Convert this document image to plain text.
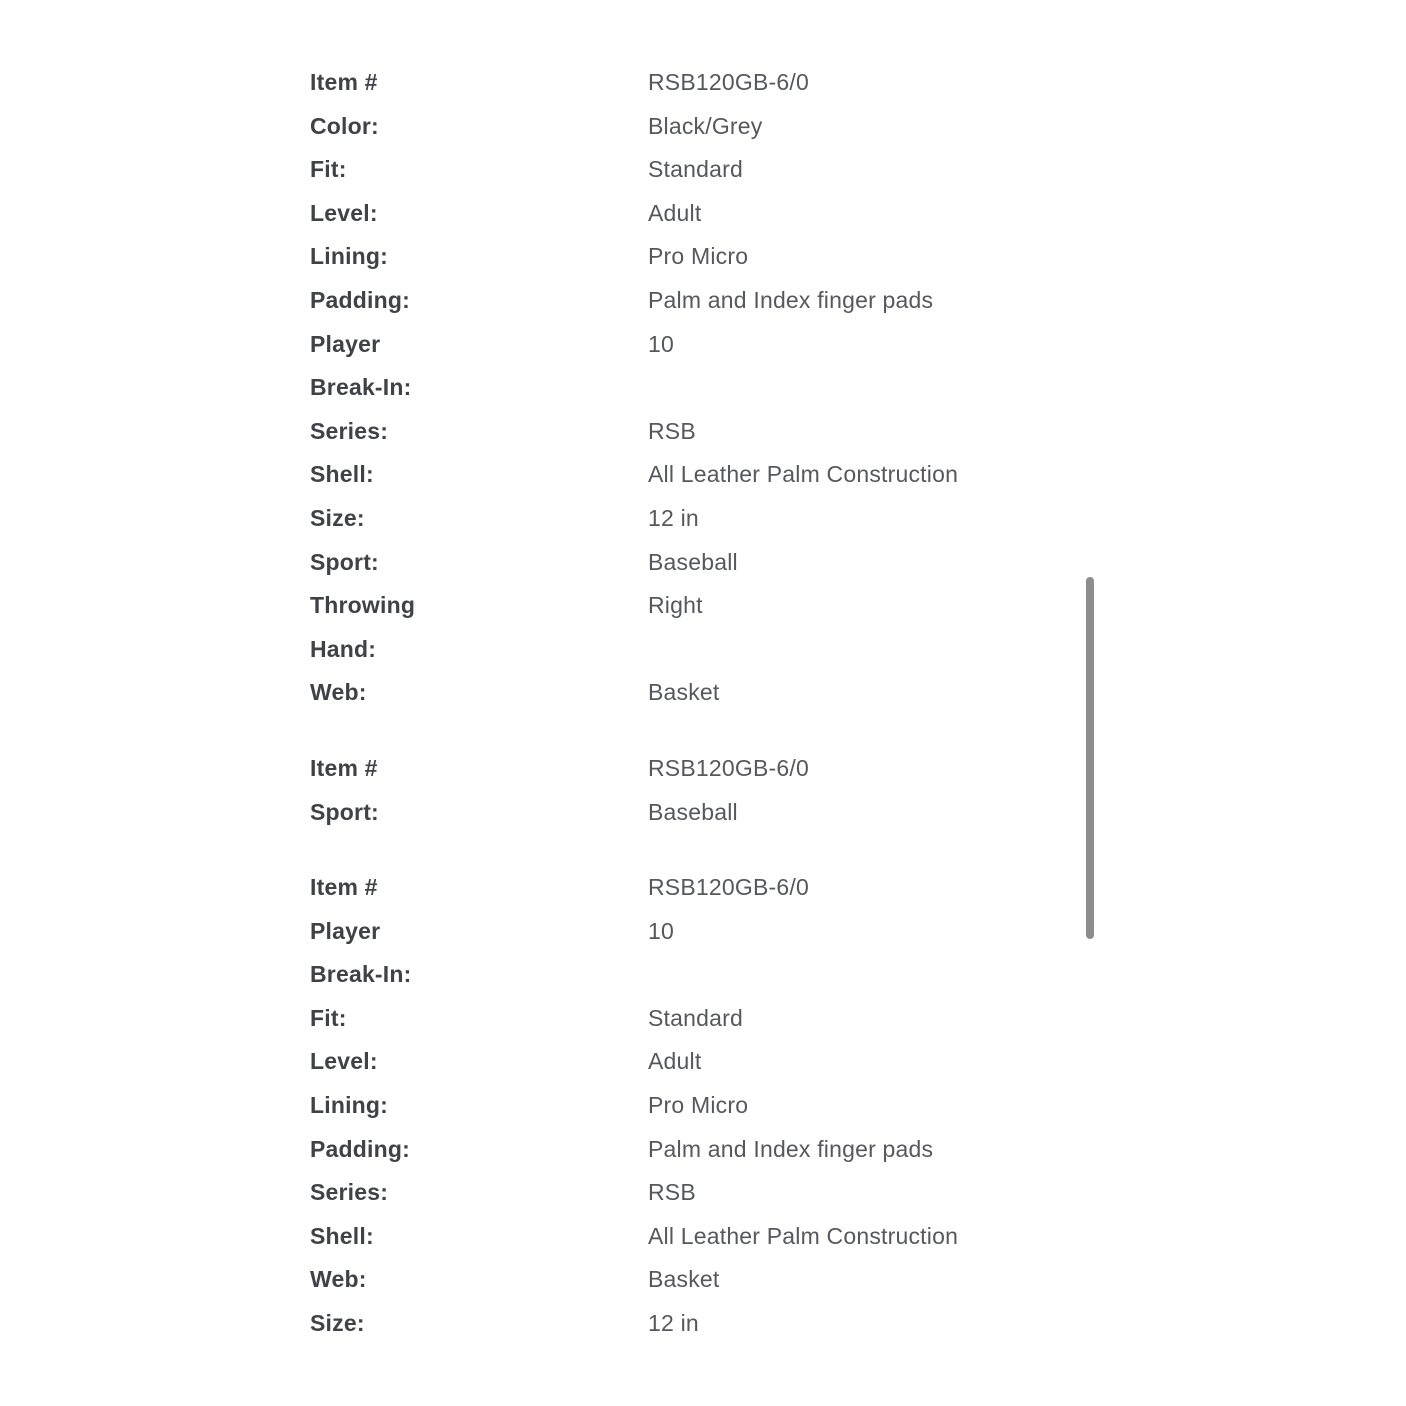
Item #	RSB120GB-6/0
Color:	Black/Grey
Fit:	Standard
Level:	Adult
Lining:	Pro Micro
Padding:	Palm and Index finger pads
Player Break-In:
10
Series:	RSB
Shell:	All Leather Palm Construction
Size:	12 in
Sport:	Baseball
Throwing Hand:
Right
Web:	Basket
Item #	RSB120GB-6/0
Sport:	Baseball
Item #	RSB120GB-6/0
Player Break-In:
10
Fit:	Standard
Level:	Adult
Lining:	Pro Micro
Padding:	Palm and Index finger pads
Series:	RSB
Shell:	All Leather Palm Construction
Web:	Basket
Size:	12 in
